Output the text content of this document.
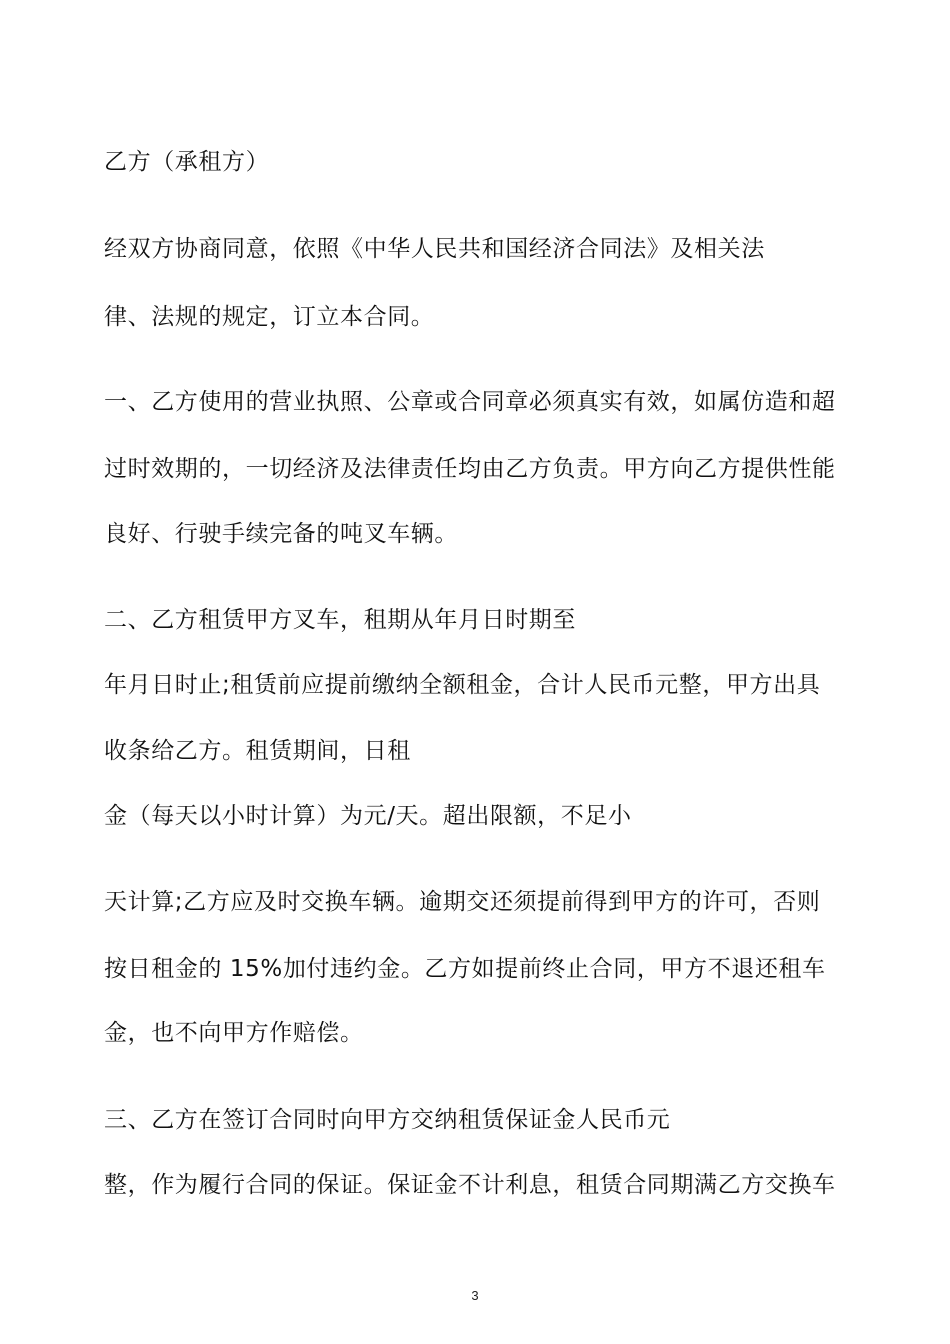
乙方（承租方）
经双方协商同意，依照《中华人民共和国经济合同法》及相关法
律、法规的规定，订立本合同。
一、乙方使用的营业执照、公章或合同章必须真实有效，如属仿造和超
过时效期的，一切经济及法律责任均由乙方负责。甲方向乙方提供性能
良好、行驶手续完备的吨叉车辆。
二、乙方租赁甲方叉车，租期从年月日时期至
年月日时止;租赁前应提前缴纳全额租金，合计人民币元整，甲方出具
收条给乙方。租赁期间，日租
金（每天以小时计算）为元/天。超出限额，不足小
天计算;乙方应及时交换车辆。逾期交还须提前得到甲方的许可，否则
按日租金的 15%加付违约金。乙方如提前终止合同，甲方不退还租车
金，也不向甲方作赔偿。
三、乙方在签订合同时向甲方交纳租赁保证金人民币元
整，作为履行合同的保证。保证金不计利息，租赁合同期满乙方交换车
3
